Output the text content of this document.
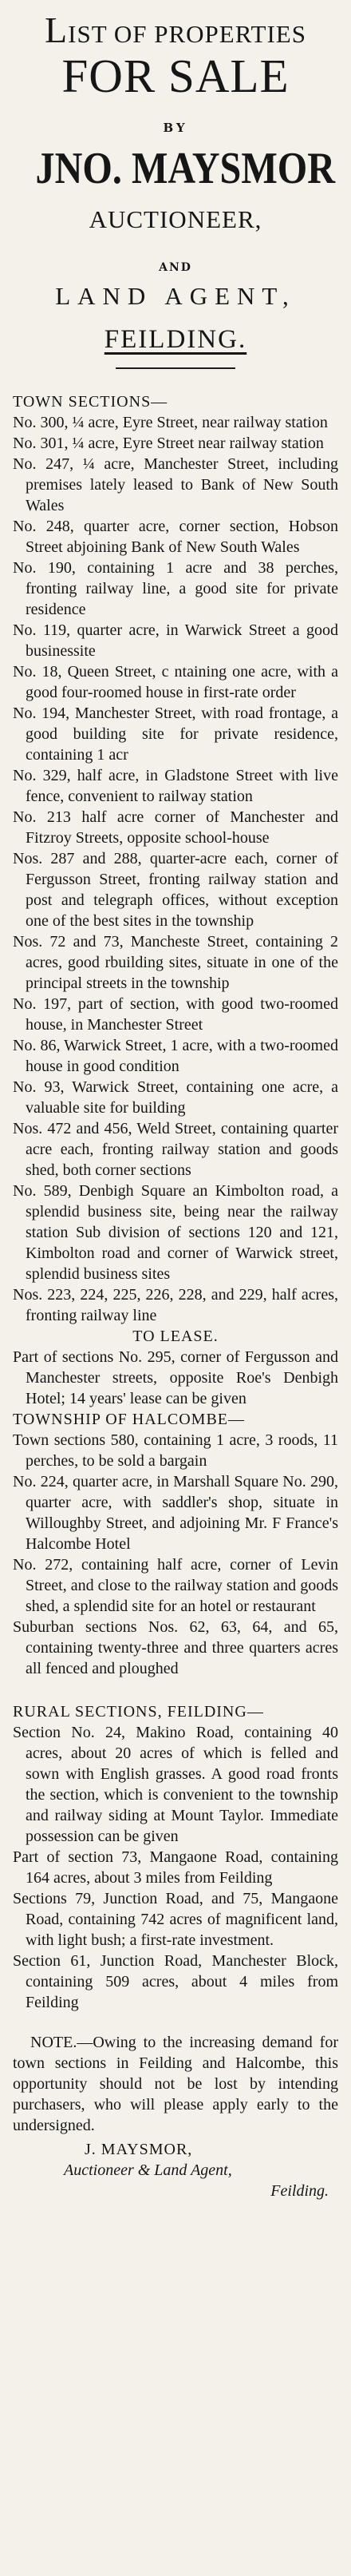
LIST OF PROPERTIES
FOR SALE
BY
JNO. MAYSMOR
AUCTIONEER,
AND
LAND AGENT,
FEILDING.
TOWN SECTIONS—

No. 300, ¼ acre, Eyre Street, near railway station

No. 301, ¼ acre, Eyre Street near railway station

No. 247, ¼ acre, Manchester Street, including premises lately leased to Bank of New South Wales

No. 248, quarter acre, corner section, Hobson Street abjoining Bank of New South Wales

No. 190, containing 1 acre and 38 perches, fronting railway line, a good site for private residence

No. 119, quarter acre, in Warwick Street a good businessite

No. 18, Queen Street, c ntaining one acre, with a good four-roomed house in first-rate order

No. 194, Manchester Street, with road frontage, a good building site for private residence, containing 1 acr

No. 329, half acre, in Gladstone Street with live fence, convenient to railway station

No. 213 half acre corner of Manchester and Fitzroy Streets, opposite school-house

Nos. 287 and 288, quarter-acre each, corner of Fergusson Street, fronting railway station and post and telegraph offices, without exception one of the best sites in the township

Nos. 72 and 73, Mancheste Street, containing 2 acres, good rbuilding sites, situate in one of the principal streets in the township

No. 197, part of section, with good two-roomed house, in Manchester Street

No. 86, Warwick Street, 1 acre, with a two-roomed house in good condition

No. 93, Warwick Street, containing one acre, a valuable site for building

Nos. 472 and 456, Weld Street, containing quarter acre each, fronting railway station and goods shed, both corner sections

No. 589, Denbigh Square an Kimbolton road, a splendid business site, being near the railway station Sub division of sections 120 and 121, Kimbolton road and corner of Warwick street, splendid business sites

Nos. 223, 224, 225, 226, 228, and 229, half acres, fronting railway line

TO LEASE.

Part of sections No. 295, corner of Fergusson and Manchester streets, opposite Roe's Denbigh Hotel; 14 years' lease can be given

TOWNSHIP OF HALCOMBE—

Town sections 580, containing 1 acre, 3 roods, 11 perches, to be sold a bargain

No. 224, quarter acre, in Marshall Square No. 290, quarter acre, with saddler's shop, situate in Willoughby Street, and adjoining Mr. F France's Halcombe Hotel

No. 272, containing half acre, corner of Levin Street, and close to the railway station and goods shed, a splendid site for an hotel or restaurant

Suburban sections Nos. 62, 63, 64, and 65, containing twenty-three and three quarters acres all fenced and ploughed

RURAL SECTIONS, FEILDING—

Section No. 24, Makino Road, containing 40 acres, about 20 acres of which is felled and sown with English grasses. A good road fronts the section, which is convenient to the township and railway siding at Mount Taylor. Immediate possession can be given

Part of section 73, Mangaone Road, containing 164 acres, about 3 miles from Feilding

Sections 79, Junction Road, and 75, Mangaone Road, containing 742 acres of magnificent land, with light bush; a first-rate investment.

Section 61, Junction Road, Manchester Block, containing 509 acres, about 4 miles from Feilding

NOTE.—Owing to the increasing demand for town sections in Feilding and Halcombe, this opportunity should not be lost by intending purchasers, who will please apply early to the undersigned.
J. MAYSMOR,
Auctioneer & Land Agent,
Feilding.
